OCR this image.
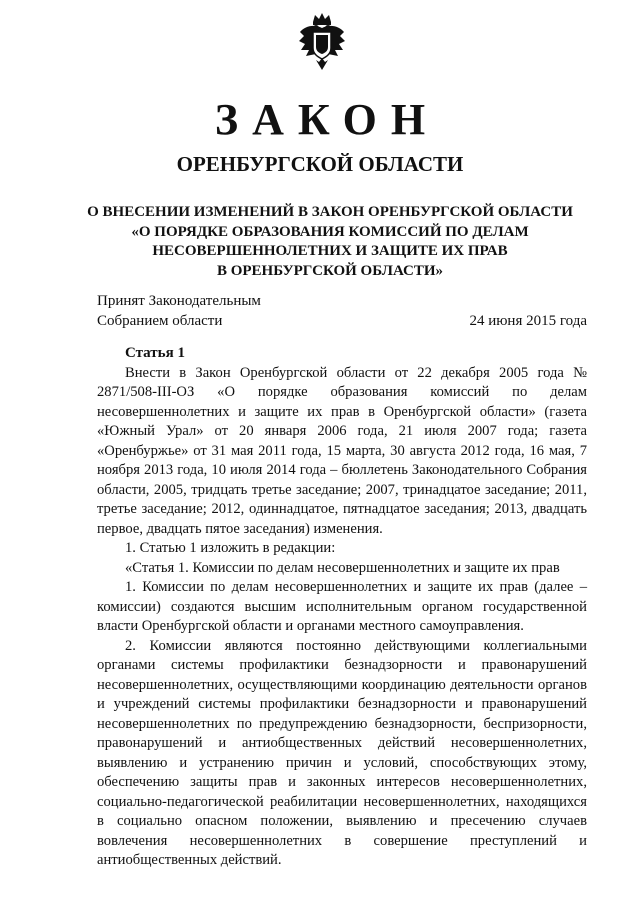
ЗАКОН
ОРЕНБУРГСКОЙ ОБЛАСТИ
О ВНЕСЕНИИ ИЗМЕНЕНИЙ В ЗАКОН ОРЕНБУРГСКОЙ ОБЛАСТИ
«О ПОРЯДКЕ ОБРАЗОВАНИЯ КОМИССИЙ ПО ДЕЛАМ
НЕСОВЕРШЕННОЛЕТНИХ И ЗАЩИТЕ ИХ ПРАВ
В ОРЕНБУРГСКОЙ ОБЛАСТИ»
Принят Законодательным
Собранием области	24 июня 2015 года

Статья 1

Внести в Закон Оренбургской области от 22 декабря 2005 года № 2871/508-III-ОЗ «О порядке образования комиссий по делам несовершеннолетних и защите их прав в Оренбургской области» (газета «Южный Урал» от 20 января 2006 года, 21 июля 2007 года; газета «Оренбуржье» от 31 мая 2011 года, 15 марта, 30 августа 2012 года, 16 мая, 7 ноября 2013 года, 10 июля 2014 года – бюллетень Законодательного Собрания области, 2005, тридцать третье заседание; 2007, тринадцатое заседание; 2011, третье заседание; 2012, одиннадцатое, пятнадцатое заседания; 2013, двадцать первое, двадцать пятое заседания) изменения.

1. Статью 1 изложить в редакции:

«Статья 1. Комиссии по делам несовершеннолетних и защите их прав

1. Комиссии по делам несовершеннолетних и защите их прав (далее – комиссии) создаются высшим исполнительным органом государственной власти Оренбургской области и органами местного самоуправления.

2. Комиссии являются постоянно действующими коллегиальными органами системы профилактики безнадзорности и правонарушений несовершеннолетних, осуществляющими координацию деятельности органов и учреждений системы профилактики безнадзорности и правонарушений несовершеннолетних по предупреждению безнадзорности, беспризорности, правонарушений и антиобщественных действий несовершеннолетних, выявлению и устранению причин и условий, способствующих этому, обеспечению защиты прав и законных интересов несовершеннолетних, социально-педагогической реабилитации несовершеннолетних, находящихся в социально опасном положении, выявлению и пресечению случаев вовлечения несовершеннолетних в совершение преступлений и антиобщественных действий.
